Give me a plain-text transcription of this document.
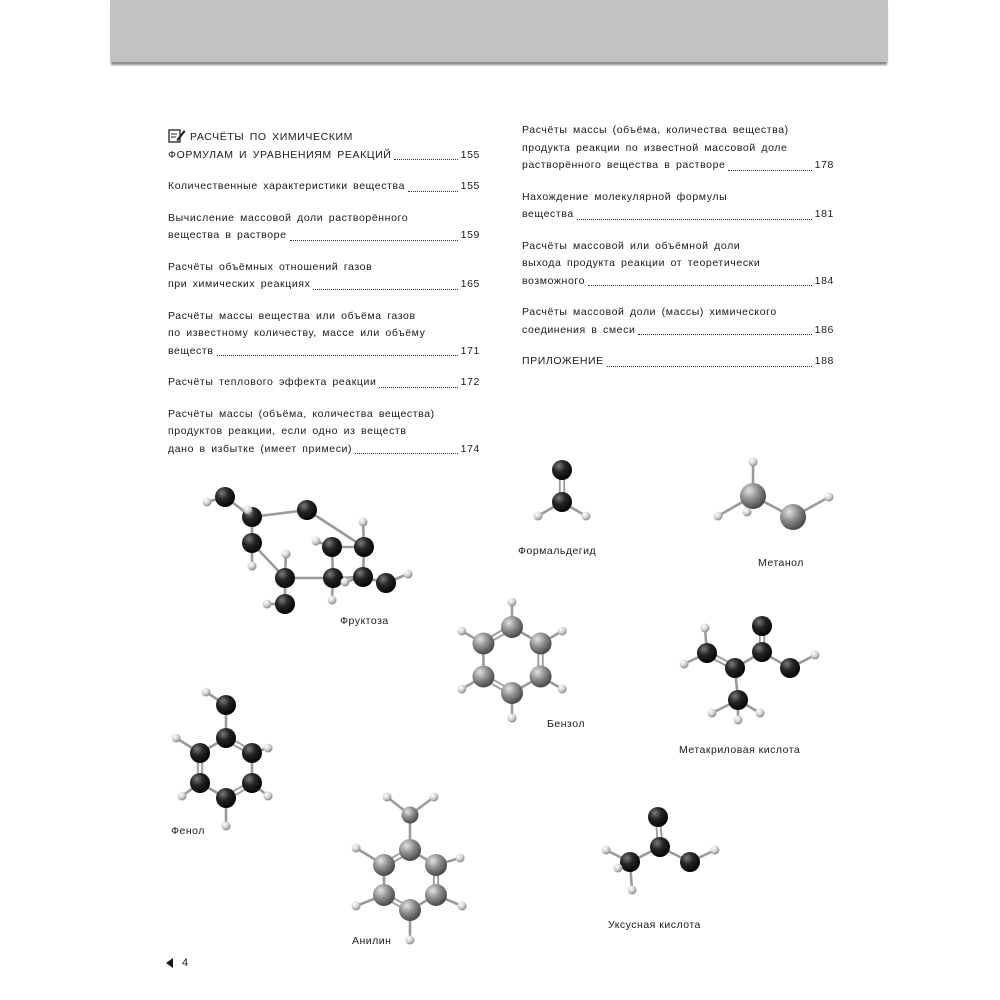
РАСЧЁТЫ ПО ХИМИЧЕСКИМ
ФОРМУЛАМ И УРАВНЕНИЯМ РЕАКЦИЙ	155
Количественные характеристики вещества	155
Вычисление массовой доли растворённого
вещества в растворе	159
Расчёты объёмных отношений газов
при химических реакциях	165
Расчёты массы вещества или объёма газов
по известному количеству, массе или объёму
веществ	171
Расчёты теплового эффекта реакции	172
Расчёты массы (объёма, количества вещества)
продуктов реакции, если одно из веществ
дано в избытке (имеет примеси)	174
Расчёты массы (объёма, количества вещества)
продукта реакции по известной массовой доле
растворённого вещества в растворе	178
Нахождение молекулярной формулы
вещества	181
Расчёты массовой или объёмной доли
выхода продукта реакции от теоретически
возможного	184
Расчёты массовой доли (массы) химического
соединения в смеси	186
ПРИЛОЖЕНИЕ	188
Фруктоза
Формальдегид
Метанол
Бензол
Метакриловая кислота
Фенол
Анилин
Уксусная кислота
4
